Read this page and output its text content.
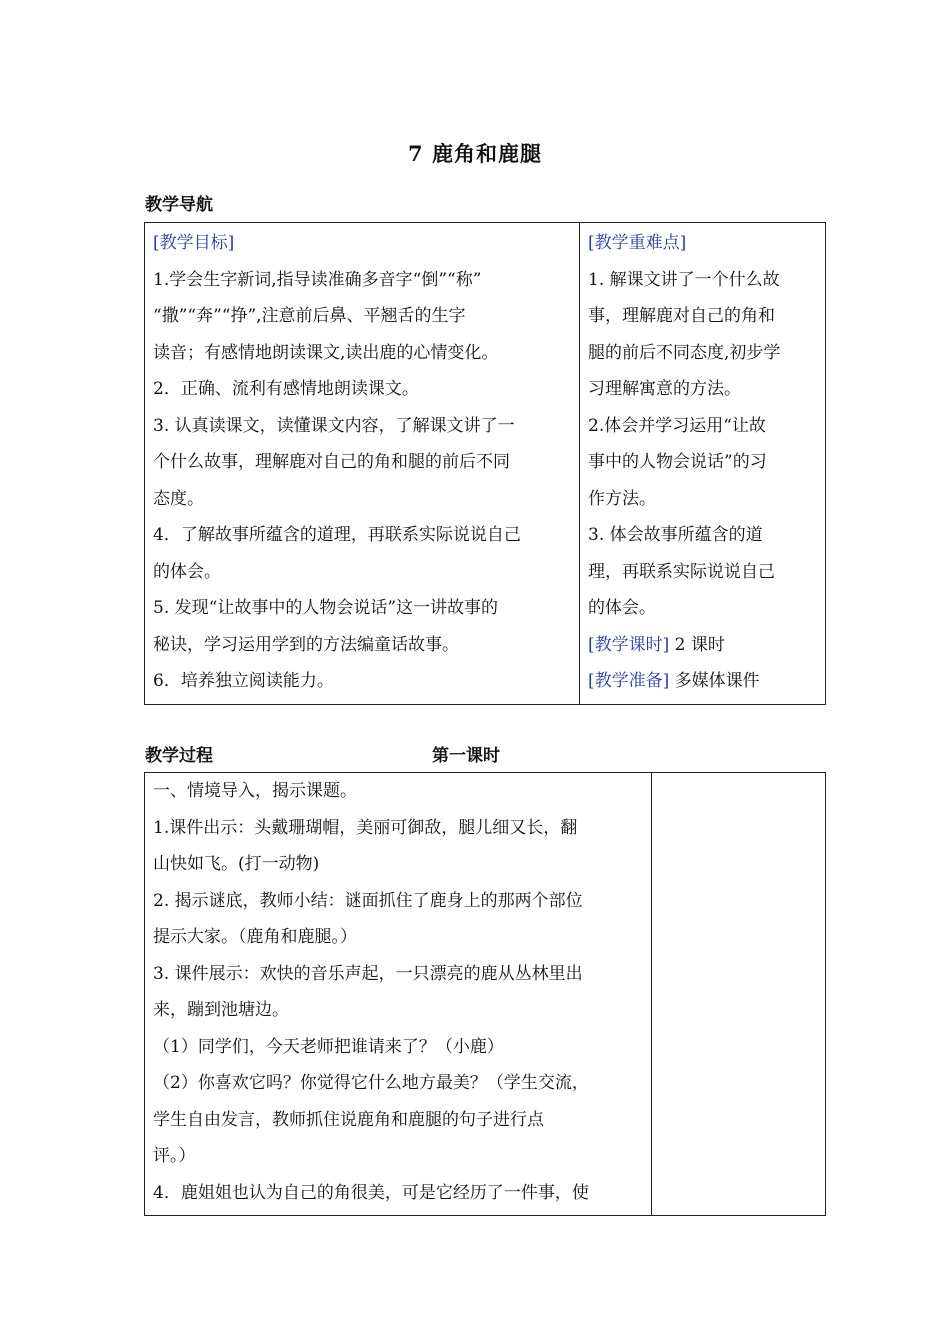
7 鹿角和鹿腿
教学导航
[教学目标]
1.学会生字新词,指导读准确多音字“倒”“称”
“撒”“奔”“挣”,注意前后鼻、平翘舌的生字
读音；有感情地朗读课文,读出鹿的心情变化。
2．正确、流利有感情地朗读课文。
3. 认真读课文，读懂课文内容，了解课文讲了一
个什么故事，理解鹿对自己的角和腿的前后不同
态度。
4．了解故事所蕴含的道理，再联系实际说说自己
的体会。
5. 发现“让故事中的人物会说话”这一讲故事的
秘诀，学习运用学到的方法编童话故事。
6．培养独立阅读能力。

[教学重难点]
1. 解课文讲了一个什么故
事，理解鹿对自己的角和
腿的前后不同态度,初步学
习理解寓意的方法。
2.体会并学习运用“让故
事中的人物会说话”的习
作方法。
3. 体会故事所蕴含的道
理，再联系实际说说自己
的体会。
[教学课时] 2 课时
[教学准备] 多媒体课件
教学过程	第一课时
一、情境导入，揭示课题。
1.课件出示：头戴珊瑚帽，美丽可御敌，腿儿细又长，翻
山快如飞。(打一动物)
2. 揭示谜底，教师小结：谜面抓住了鹿身上的那两个部位
提示大家。（鹿角和鹿腿。）
3. 课件展示：欢快的音乐声起，一只漂亮的鹿从丛林里出
来，蹦到池塘边。
（1）同学们，今天老师把谁请来了？（小鹿）
（2）你喜欢它吗？你觉得它什么地方最美？（学生交流，
学生自由发言，教师抓住说鹿角和鹿腿的句子进行点
评。）
4．鹿姐姐也认为自己的角很美，可是它经历了一件事，使
